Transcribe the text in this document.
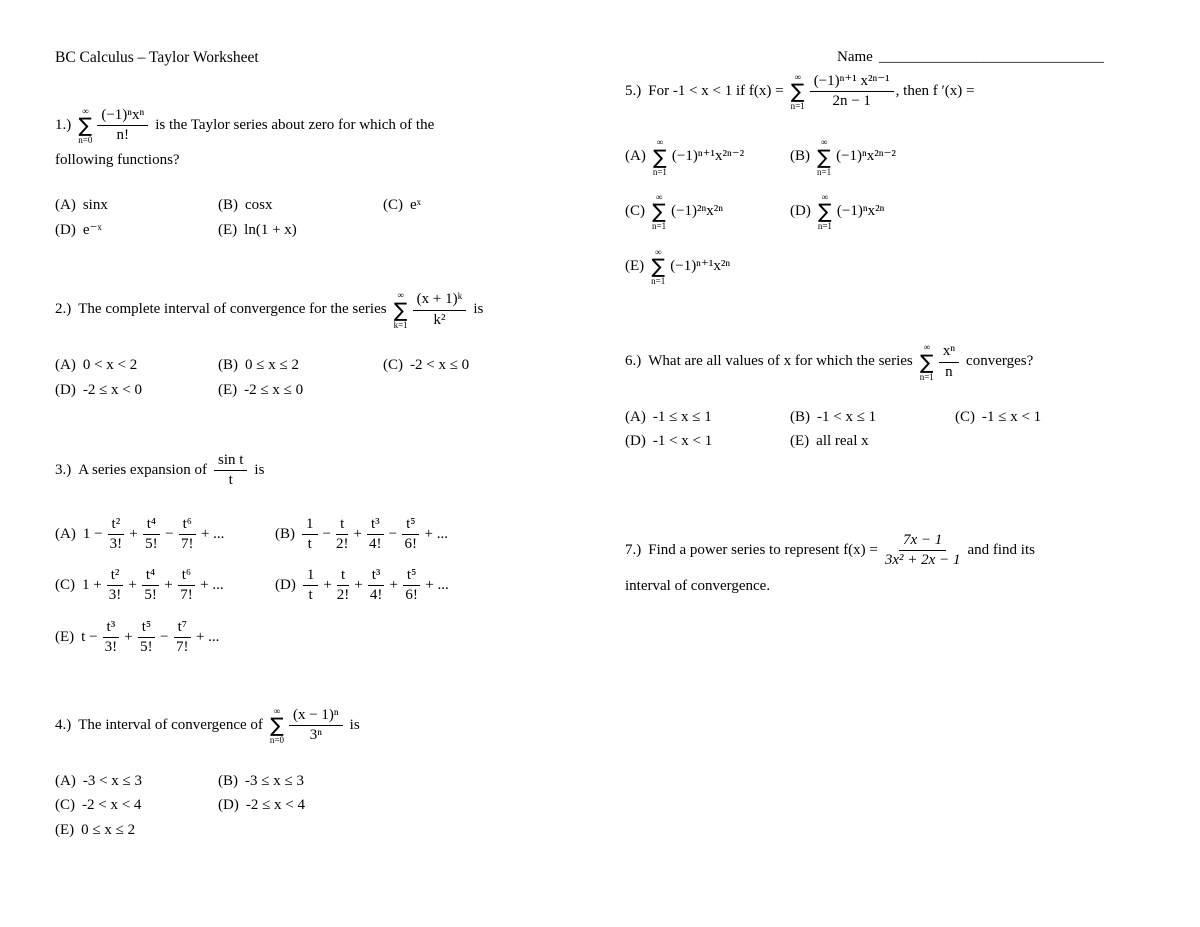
BC Calculus – Taylor Worksheet
1.)
∞
∑
$n=0 \frac{\text{(−1)ⁿxⁿ}}{n!}$ is the Taylor series about zero for which of the
following functions?
(A) sinx	(B) cosx	(C) eˣ
(D) e⁻ˣ	(E) ln(1 + x)
2.) The complete interval of convergence for the series
∞
∑
$k=1 \frac{\text{(x + 1)ᵏ}}{\text{k²}}$ is
(A) 0 < x < 2	(B) 0 ≤ x ≤ 2	(C) -2 < x ≤ 0
(D) -2 ≤ x < 0	(E) -2 ≤ x ≤ 0
3.) A series expansion of $\frac{\text{sin t}}{t}$ is
(A) $1 - \frac{\text{t²}}{3!} + \frac{\text{t⁴}}{5!} - \frac{\text{t⁶}}{7!}$ + ...	$(B) \frac{1}{t} - \frac{t}{2!} + \frac{\text{t³}}{4!} - \frac{\text{t⁵}}{6!}$ + ...
(C) $1 + \frac{\text{t²}}{3!} + \frac{\text{t⁴}}{5!} + \frac{\text{t⁶}}{7!}$ + ...	$(D) \frac{1}{t} + \frac{t}{2!} + \frac{\text{t³}}{4!} + \frac{\text{t⁵}}{6!}$ + ...
(E) $t - \frac{\text{t³}}{3!} + \frac{\text{t⁵}}{5!} - \frac{\text{t⁷}}{7!}$ + ...
4.) The interval of convergence of
∞
∑
$n=0 \frac{\text{(x − 1)ⁿ}}{\text{3ⁿ}}$ is
(A) -3 < x ≤ 3	(B) -3 ≤ x ≤ 3
(C) -2 < x < 4	(D) -2 ≤ x < 4
(E) 0 ≤ x ≤ 2
Name ______________________________
5.) For -1 < x < 1 if f(x) =
∞
∑
$n=1 \frac{\text{(−1)ⁿ⁺¹ x²ⁿ⁻¹}}{2n - 1}$ , then f ′(x) =
(A)
∞
∑
n=1
(−1)ⁿ⁺¹x²ⁿ⁻²	(B)
∞
∑
n=1
(−1)ⁿx²ⁿ⁻²
(C)
∞
∑
n=1
(−1)²ⁿx²ⁿ	(D)
∞
∑
n=1
(−1)ⁿx²ⁿ
(E)
∞
∑
n=1
(−1)ⁿ⁺¹x²ⁿ
6.) What are all values of x for which the series
∞
∑
$n=1 \frac{\text{xⁿ}}{n}$ converges?
(A) -1 ≤ x ≤ 1	(B) -1 < x ≤ 1	(C) -1 ≤ x < 1
(D) -1 < x < 1	(E) all real x
7.) Find a power series to represent $f(x) = \frac{7x - 1}{\text{3x² + 2x − 1}}$ and find its
interval of convergence.
